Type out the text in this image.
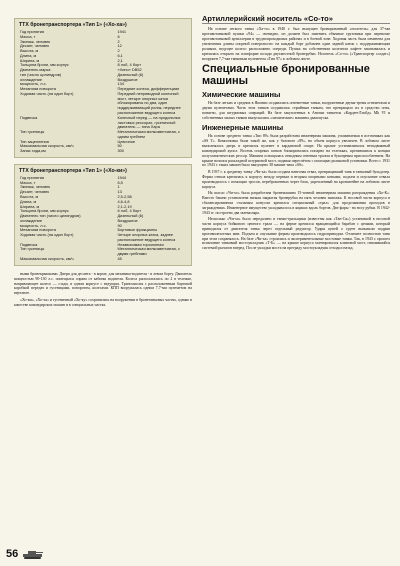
ТТХ бронетранспортера «Тип 1» («Хо-ха»)
Год принятия	1941
Масса, т	6
Экипаж, человек	2
Десант, человек	12
Высота, м	2
Длина, м	6,1
Ширина, м	2,1
Толщина брони, мм корпус	8 лоб, 4 борт
Двигатель марка	«Хино» DB52
тип (число цилиндров)	Дизельный (6)
охлаждение	Воздушное
мощность, л.с.	134
Механизм поворота	Передние колеса, дифференциал
Ходовая часть (на один борт)	Передний неприводной колесный мост, четыре опорных катка сблокированы по два, один поддерживающий ролик, переднее расположение ведущего колеса
Подвеска	Колесный перед — на продольных листовых рессорах, гусеничный двигатель — типа Хара
Тип гусеницы	Металлическая мелкозвенчатая, с одним гребнем
Тип зацепления	Цевочное
Максимальная скорость, км/ч	50
Запас хода,км	300
ТТХ бронетранспортера «Тип 1» («Хо-ки»)
Год принятия	1944
Масса, т	6,5
Экипаж, человек	1
Десант, человек	13
Высота, м	2,5-2,58
Длина, м	4,6-4,8
Ширина, м	2,1-2,19
Толщина брони, мм корпус	6 лоб, 4 борт
Двигатель тип (число цилиндров)	Дизельный (6)
охлаждение	Воздушное
мощность, л.с.	90
Механизм поворота	Бортовые фрикционы
Ходовая часть (на один борт)	Четыре опорных катка, заднее расположение ведущего колеса
Подвеска	Независимая торсионная
Тип гусеницы	Металлическая мелкозвенчатая, с двумя гребнями
Максимальная скорость, км/ч	45

ными бронекрышками. Двери для десанта - в корме, для механика-водителя - в левом борту. Двигатель мощностью 90-130 л.с. помещался справа от кабины водителя. Колеса располагались по 2 в тележке, направляющее колесо — сзади, в одном корпусе с ведущим. Трансмиссия с расположенным бортовой коробкой передач и гусеницами, поворотом, колесами. КПП вооружалась одним 7,7-мм пулеметом на вертлюге.

«Хо-ки», «Хо-ха» и гусеничный «Хо-ку» сохранились на вооружении в бронетанковых частях, однако в качестве командирских машин и в специальных частях.

Артиллерийский носитель «Со-то»

На основе легкого танка «Ха-го» в 1940 г. был выпущен бронированный «носитель» для 37-мм противотанковой пушки «94» — очевидно, он должен был заменить обычные грузовики при перевозке противотанковой артиллерии в труднопроходимых районах и в боевой зоне. Ходовая часть была изменена для увеличения длины опорной поверхности: на каждый борт добавлен один задний каток с поддерживающим роликом, ведущее колесо расположено спереди. Пушка на собственном колесном лафете закатывалась и крепилась открыто на платформе позади двухместной бронерубки. Носитель «Со-то» («Транспортер солдат») вооружен 7,7-мм танковым пулеметом «Тип 97» в лобовом листе.

Специальные бронированные машины
Химические машины

На базе легких и средних в Японии создавались огнеметные танки, вооруженные двумя-тремя огнеметами и двумя пулеметами. Часть этих танков создавалась серийным танкам, что превращало их в средство огня, понятно, для штурмовых операций. На базе закупленных в Англии танкеток «Карден-Ллойд» Mk VI и собственных малых танков выпускались «химические» машины дымопуска.

Инженерные машины

На основе среднего танка «Тип 89» была разработана инженерная машина, упоминаемая в источниках как «SS Т». Компоновка была такой же, как у базового «89», но объем корпуса увеличен. В лобовом листе выполнялась дверь и крепился пулемет в кардановой опоре. На крыше устанавливался неподвижный командирский купол. Восемь опорных катков блокировались попарно на тележках, крепившихся к концам полуэллиптических рессор. Машина оснащалась откидным огневым тралом и буксирным приспособлением. На крыше возился раскладной штурмовой мост, подавая пересчётом с помощью роликовой установки. Всего с 1931 по 1943 г. таких машин было выпущено 38 машин типа «SS».

В 1937 г. к среднему танку «Чи-ха» была создана навесная отвал, превращавший танк в танковый бульдозер. Ферма отвала крепилась к корпусу между первым и вторым опорными катками, подъем и опускание отвала производилось с помощью тросов, переброшенных через блок, укрепленный на кронштейне на лобовом листе корпуса.

На шасси «Чи-хо» была разработана бронемашина 15-тонной инженерная машина разграждения «Хо-К». Вместо башни установлена низкая закрытая бронерубка на пять человек экипажа. К носовой части корпуса в сбалансированном стальным конусом крепился специальный «трал» для проделывания проходов в заграждениях. Инженерное имущество укладывалось в ящиках вдоль бортов. Две фары - на носу рубки. В 1942-1943 гг. построено два экземпляра.

Несколько «Чи-ха» было передалено в танки-тральщики (известны как «Тан-Ся») установкой в носовой части корпуса бойкового цепного трала — на ферме крепился вращающийся барабан с цепями, который приводился от двигателя танка через отдельный редуктор. Удары цепей о грунт вызывали подрыв противопехотных мин. Подъем и опускание фермы производилось гидроприводом. Отличите полностью танк при этом сохранялось. На базе «Чи-ха» строились и экспериментальные мостовые танки. Так, в 1943 г. прошел испытание танковый мостоукладчик «Т-Б» — на крыше корпуса монтировался клиновой мост, снимавшийся системой рычагов вперед. После укладки моста на преграду мостоукладчик отходил назад.

56
